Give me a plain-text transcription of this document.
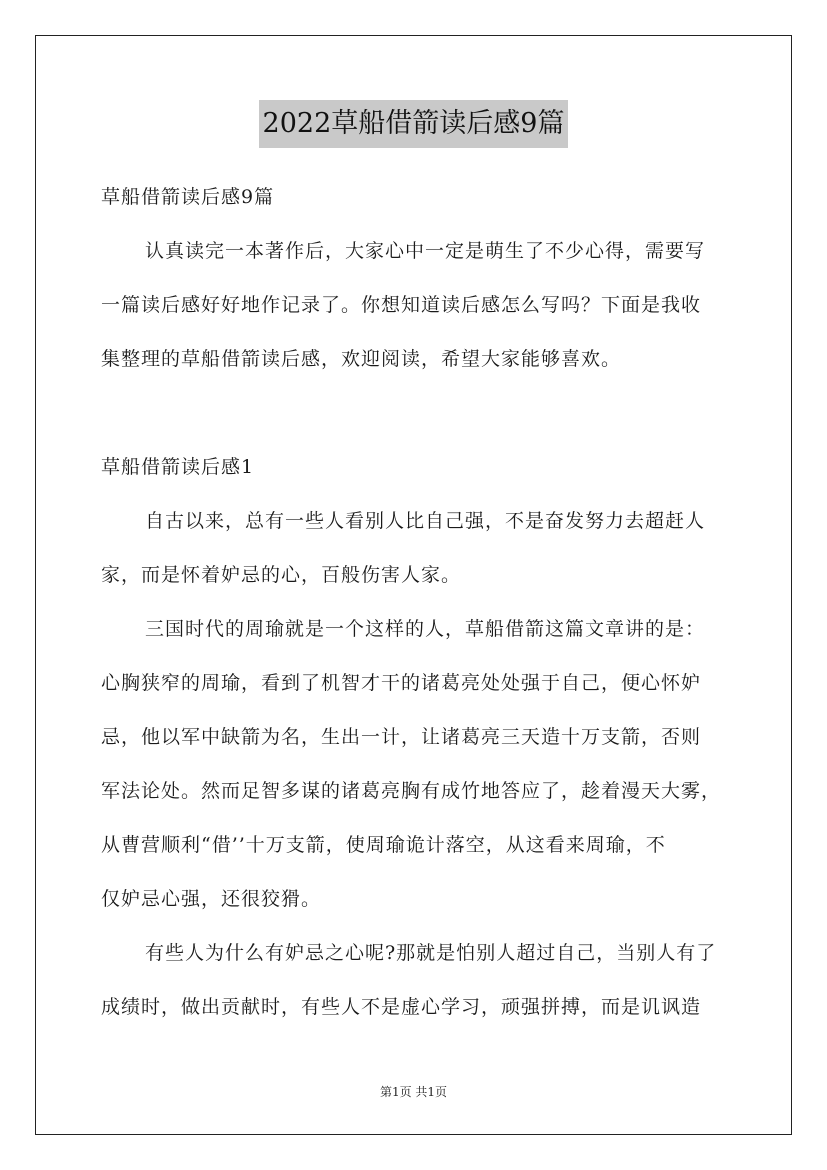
2022草船借箭读后感9篇
草船借箭读后感9篇
认真读完一本著作后，大家心中一定是萌生了不少心得，需要写
一篇读后感好好地作记录了。你想知道读后感怎么写吗？下面是我收
集整理的草船借箭读后感，欢迎阅读，希望大家能够喜欢。
草船借箭读后感1
自古以来，总有一些人看别人比自己强，不是奋发努力去超赶人
家，而是怀着妒忌的心，百般伤害人家。
三国时代的周瑜就是一个这样的人，草船借箭这篇文章讲的是：
心胸狭窄的周瑜，看到了机智才干的诸葛亮处处强于自己，便心怀妒
忌，他以军中缺箭为名，生出一计，让诸葛亮三天造十万支箭，否则
军法论处。然而足智多谋的诸葛亮胸有成竹地答应了，趁着漫天大雾，
从曹营顺利“借’’十万支箭，使周瑜诡计落空，从这看来周瑜，不
仅妒忌心强，还很狡猾。
有些人为什么有妒忌之心呢?那就是怕别人超过自己，当别人有了
成绩时，做出贡献时，有些人不是虚心学习，顽强拼搏，而是讥讽造
第1页 共1页
